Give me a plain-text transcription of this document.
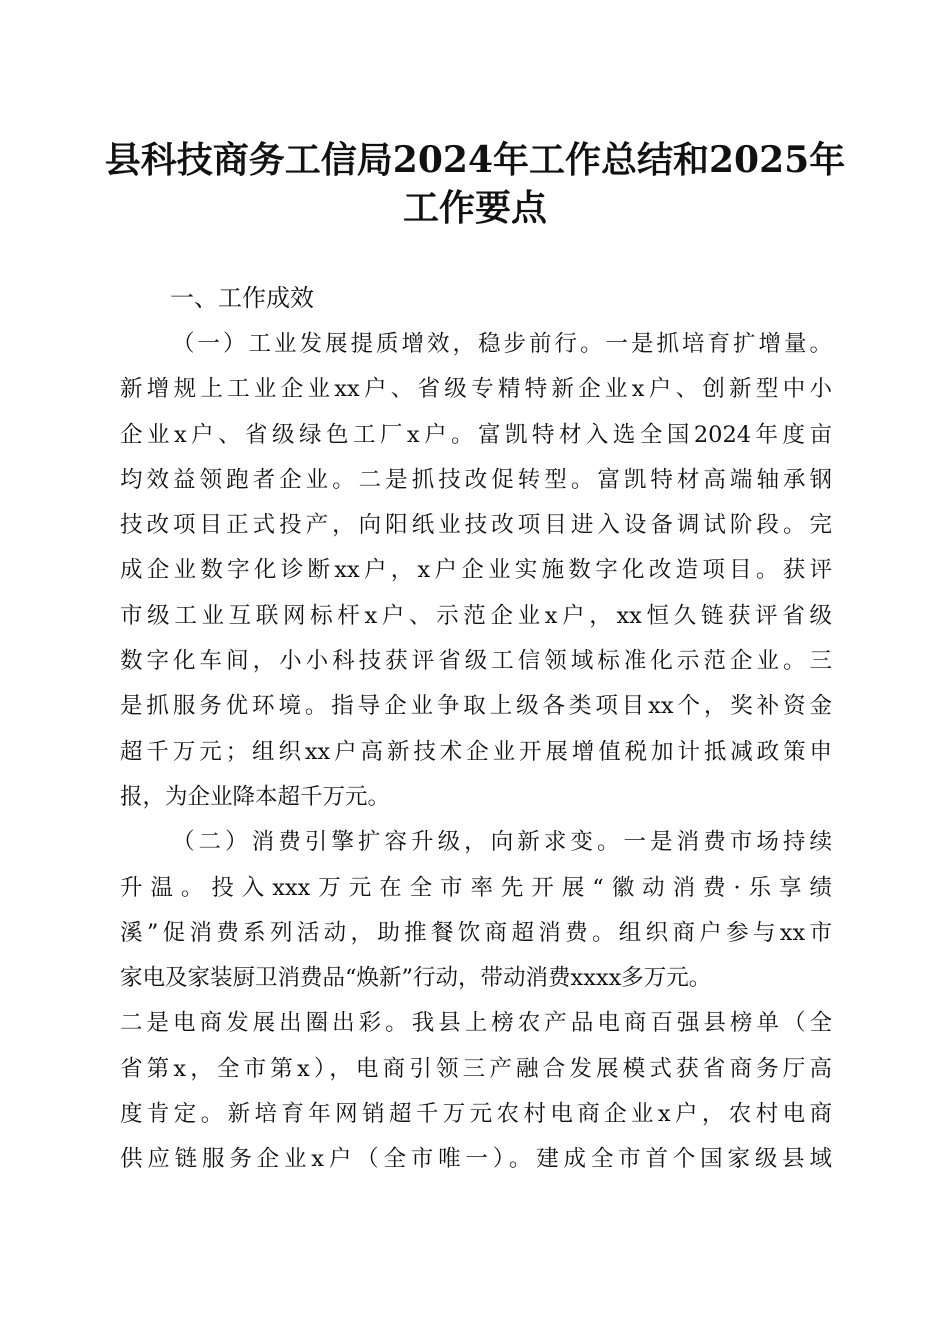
县科技商务工信局2024年工作总结和2025年
工作要点
一、工作成效
（一）工业发展提质增效，稳步前行。一是抓培育扩增量。
新增规上工业企业xx户、省级专精特新企业x户、创新型中小
企业x户、省级绿色工厂x户。富凯特材入选全国2024年度亩
均效益领跑者企业。二是抓技改促转型。富凯特材高端轴承钢
技改项目正式投产，向阳纸业技改项目进入设备调试阶段。完
成企业数字化诊断xx户，x户企业实施数字化改造项目。获评
市级工业互联网标杆x户、示范企业x户，xx恒久链获评省级
数字化车间，小小科技获评省级工信领域标准化示范企业。三
是抓服务优环境。指导企业争取上级各类项目xx个，奖补资金
超千万元；组织xx户高新技术企业开展增值税加计抵减政策申
报，为企业降本超千万元。
（二）消费引擎扩容升级，向新求变。一是消费市场持续
升温。投入xxx万元在全市率先开展“徽动消费·乐享绩
溪”促消费系列活动，助推餐饮商超消费。组织商户参与xx市
家电及家装厨卫消费品“焕新”行动，带动消费xxxx多万元。
二是电商发展出圈出彩。我县上榜农产品电商百强县榜单（全
省第x，全市第x），电商引领三产融合发展模式获省商务厅高
度肯定。新培育年网销超千万元农村电商企业x户，农村电商
供应链服务企业x户（全市唯一）。建成全市首个国家级县域
